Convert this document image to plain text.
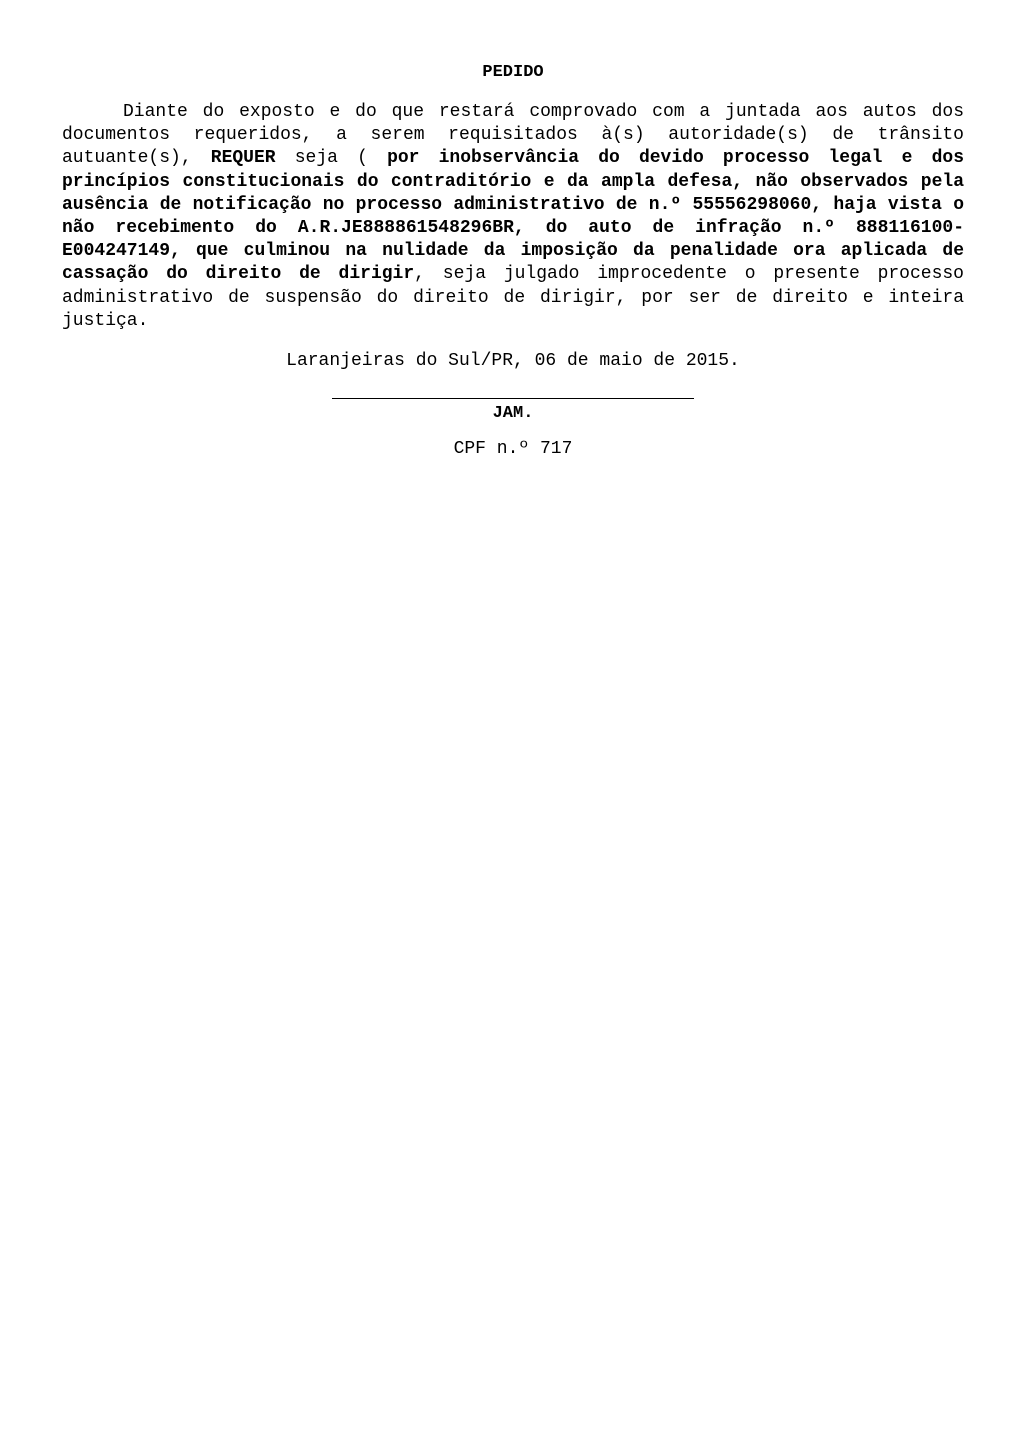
PEDIDO

Diante do exposto e do que restará comprovado com a juntada aos autos dos documentos requeridos, a serem requisitados à(s) autoridade(s) de trânsito autuante(s), REQUER seja ( por inobservância do devido processo legal e dos princípios constitucionais do contraditório e da ampla defesa, não observados pela ausência de notificação no processo administrativo de n.º 55556298060, haja vista o não recebimento do A.R.JE888861548296BR, do auto de infração n.º 888116100-E004247149, que culminou na nulidade da imposição da penalidade ora aplicada de cassação do direito de dirigir, seja julgado improcedente o presente processo administrativo de suspensão do direito de dirigir, por ser de direito e inteira justiça.

Laranjeiras do Sul/PR, 06 de maio de 2015.
JAM.
CPF n.º 717
